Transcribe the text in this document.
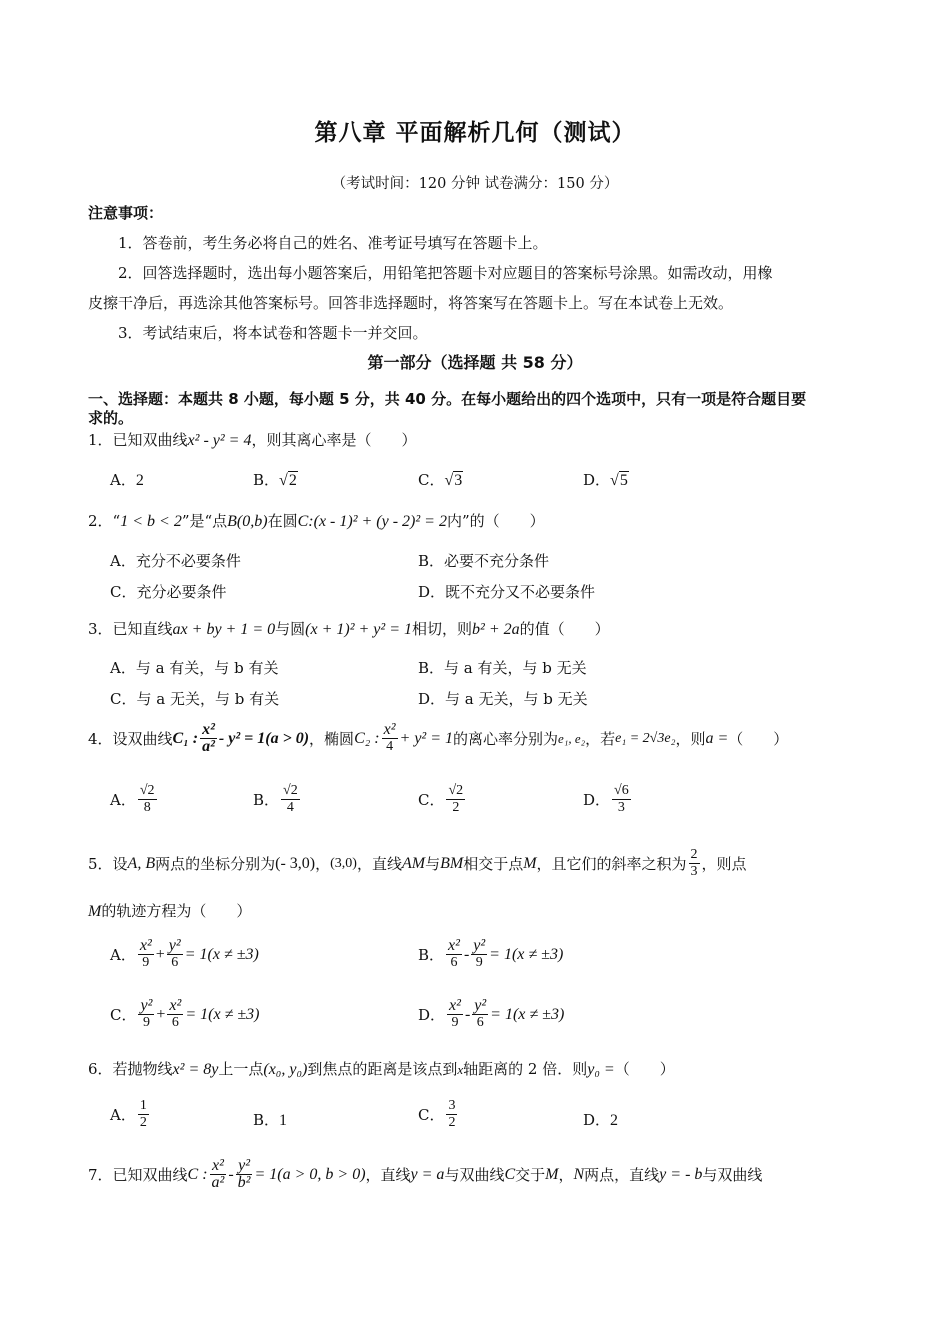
第八章 平面解析几何（测试）
（考试时间：120 分钟 试卷满分：150 分）
注意事项：
1．答卷前，考生务必将自己的姓名、准考证号填写在答题卡上。
2．回答选择题时，选出每小题答案后，用铅笔把答题卡对应题目的答案标号涂黑。如需改动，用橡
皮擦干净后，再选涂其他答案标号。回答非选择题时，将答案写在答题卡上。写在本试卷上无效。
3．考试结束后，将本试卷和答题卡一并交回。
第一部分（选择题 共 58 分）
一、选择题：本题共 8 小题，每小题 5 分，共 40 分。在每小题给出的四个选项中，只有一项是符合题目要
求的。
1．已知双曲线x² - y² = 4，则其离心率是（　　）
A．2	B．√2	C．√3	D．√5
2．“1 < b < 2”是“点B(0,b)在圆C:(x - 1)² + (y - 2)² = 2内”的（　　）
A．充分不必要条件	B．必要不充分条件
C．充分必要条件	D．既不充分又不必要条件
3．已知直线ax + by + 1 = 0与圆(x + 1)² + y² = 1相切，则b² + 2a的值（　　）
A．与 a 有关，与 b 有关	B．与 a 有关，与 b 无关
C．与 a 无关，与 b 有关	D．与 a 无关，与 b 无关
4．设双曲线 C₁ : $\frac{\text{x²}}{\text{a²}} - y^2 = 1(a > 0)$ ，椭圆 C₂ : $\frac{\text{x²}}{4} + y^2 = 1$ 的离心率分别为 e₁, e₂ ，若 e₁ = 2√3e₂ ，则 a = （　　）
A． $\frac{√2}{8}$	B． $\frac{√2}{4}$	C． $\frac{√2}{2}$	D． $\frac{√6}{3}$
5．设 A, B 两点的坐标分别为 (- 3,0) ， (3,0) ，直线 AM 与 BM 相交于点 M ，且它们的斜率之积为 $\frac{2}{3}$ ，则点
M的轨迹方程为（　　）
A． $\frac{\text{x²}}{9} + \frac{\text{y²}}{6} = 1(x \ne \pm 3)$	B． $\frac{\text{x²}}{6} - \frac{\text{y²}}{9} = 1(x \ne \pm 3)$
C． $\frac{\text{y²}}{9} + \frac{\text{x²}}{6} = 1(x \ne \pm 3)$	D． $\frac{\text{x²}}{9} - \frac{\text{y²}}{6} = 1(x \ne \pm 3)$
6．若抛物线x² = 8y上一点(x₀, y₀)到焦点的距离是该点到x轴距离的 2 倍．则y₀ =（　　）
A． $\frac{1}{2}$	B．1	C． $\frac{3}{2}$	D．2
7．已知双曲线 C : $\frac{\text{x²}}{\text{a²}} - \frac{\text{y²}}{\text{b²}} = 1(a > 0$, b > 0) ，直线 y = a 与双曲线 C 交于 M ， N 两点，直线 y = - b 与双曲线
